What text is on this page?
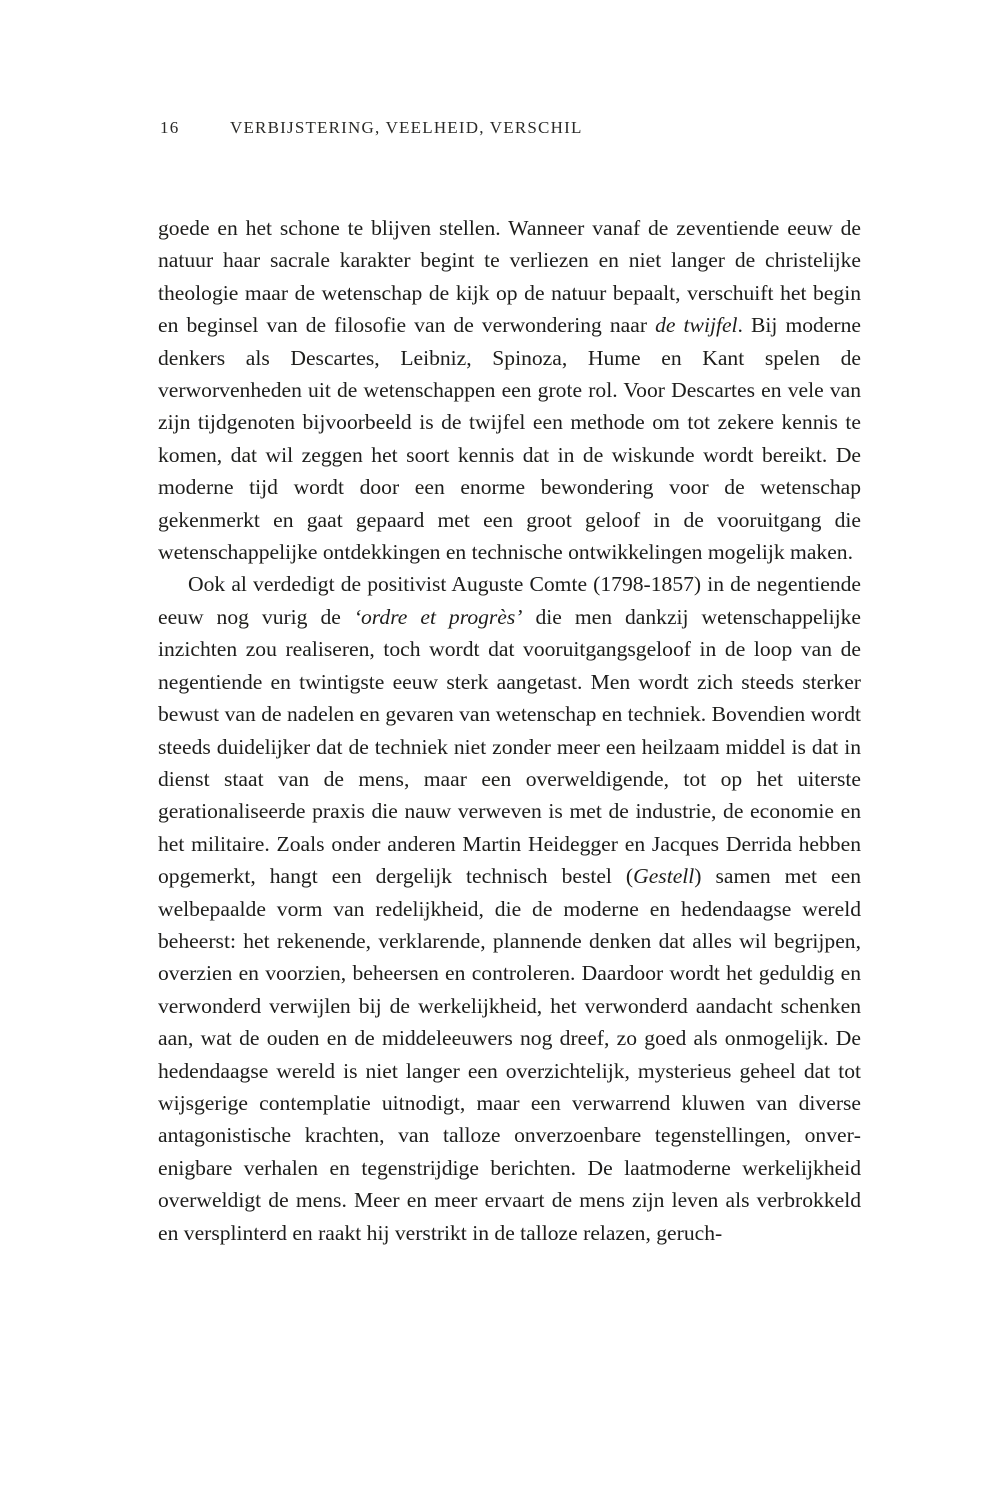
16	VERBIJSTERING, VEELHEID, VERSCHIL

goede en het schone te blijven stellen. Wanneer vanaf de zeventiende eeuw de natuur haar sacrale karakter begint te verliezen en niet langer de christelijke theologie maar de wetenschap de kijk op de natuur bepaalt, verschuift het begin en beginsel van de filosofie van de verwondering naar de twijfel. Bij moderne denkers als Descartes, Leibniz, Spinoza, Hume en Kant spelen de verworvenheden uit de wetenschappen een grote rol. Voor Descartes en vele van zijn tijdgenoten bijvoorbeeld is de twijfel een methode om tot zekere kennis te komen, dat wil zeggen het soort kennis dat in de wiskunde wordt bereikt. De moderne tijd wordt door een enorme bewondering voor de wetenschap gekenmerkt en gaat gepaard met een groot geloof in de vooruitgang die wetenschappelijke ontdekkingen en technische ontwikkelingen mogelijk maken.

Ook al verdedigt de positivist Auguste Comte (1798-1857) in de negentiende eeuw nog vurig de ‘ordre et progrès’ die men dankzij wetenschappelijke inzichten zou realiseren, toch wordt dat vooruitgangsgeloof in de loop van de negentiende en twintigste eeuw sterk aangetast. Men wordt zich steeds sterker bewust van de nadelen en gevaren van wetenschap en techniek. Bovendien wordt steeds duidelijker dat de techniek niet zonder meer een heilzaam middel is dat in dienst staat van de mens, maar een overweldigende, tot op het uiterste gerationaliseerde praxis die nauw verweven is met de industrie, de economie en het militaire. Zoals onder anderen Martin Heidegger en Jacques Derrida hebben opgemerkt, hangt een dergelijk technisch bestel (Gestell) samen met een welbepaalde vorm van redelijkheid, die de moderne en hedendaagse wereld beheerst: het rekenende, verklarende, plannende denken dat alles wil begrijpen, overzien en voorzien, beheersen en controleren. Daardoor wordt het geduldig en verwonderd verwijlen bij de werkelijkheid, het verwonderd aandacht schenken aan, wat de ouden en de middeleeuwers nog dreef, zo goed als onmogelijk. De hedendaagse wereld is niet langer een overzichtelijk, mysterieus geheel dat tot wijsgerige contemplatie uitnodigt, maar een verwarrend kluwen van diverse antagonistische krachten, van talloze onverzoenbare tegenstellingen, onverenigbare verhalen en tegenstrijdige berichten. De laatmoderne werkelijkheid overweldigt de mens. Meer en meer ervaart de mens zijn leven als verbrokkeld en versplinterd en raakt hij verstrikt in de talloze relazen, geruch-
